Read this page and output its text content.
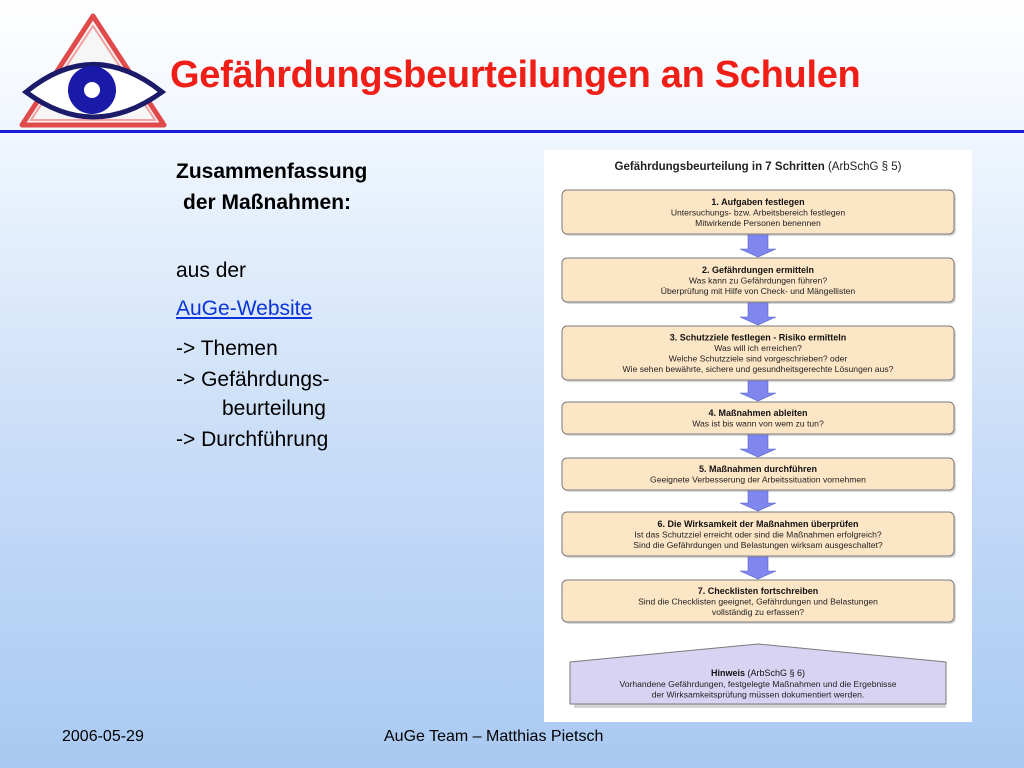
Gefährdungsbeurteilungen an Schulen

Zusammenfassung

der Maßnahmen:

aus der
AuGe-Website
-> Themen
-> Gefährdungs-
beurteilung
-> Durchführung
Gefährdungsbeurteilung in 7 Schritten (ArbSchG § 5)
1. Aufgaben festlegen
Untersuchungs- bzw. Arbeitsbereich festlegen
Mitwirkende Personen benennen
2. Gefährdungen ermitteln
Was kann zu Gefährdungen führen?
Überprüfung mit Hilfe von Check- und Mängellisten
3. Schutzziele festlegen - Risiko ermitteln
Was will ich erreichen?
Welche Schutzziele sind vorgeschrieben? oder
Wie sehen bewährte, sichere und gesundheitsgerechte Lösungen aus?
4. Maßnahmen ableiten
Was ist bis wann von wem zu tun?
5. Maßnahmen durchführen
Geeignete Verbesserung der Arbeitssituation vornehmen
6. Die Wirksamkeit der Maßnahmen überprüfen
Ist das Schutzziel erreicht oder sind die Maßnahmen erfolgreich?
Sind die Gefährdungen und Belastungen wirksam ausgeschaltet?
7. Checklisten fortschreiben
Sind die Checklisten geeignet, Gefährdungen und Belastungen
vollständig zu erfassen?
Hinweis (ArbSchG § 6)
Vorhandene Gefährdungen, festgelegte Maßnahmen und die Ergebnisse
der Wirksamkeitsprüfung müssen dokumentiert werden.
2006-05-29	AuGe Team – Matthias Pietsch
